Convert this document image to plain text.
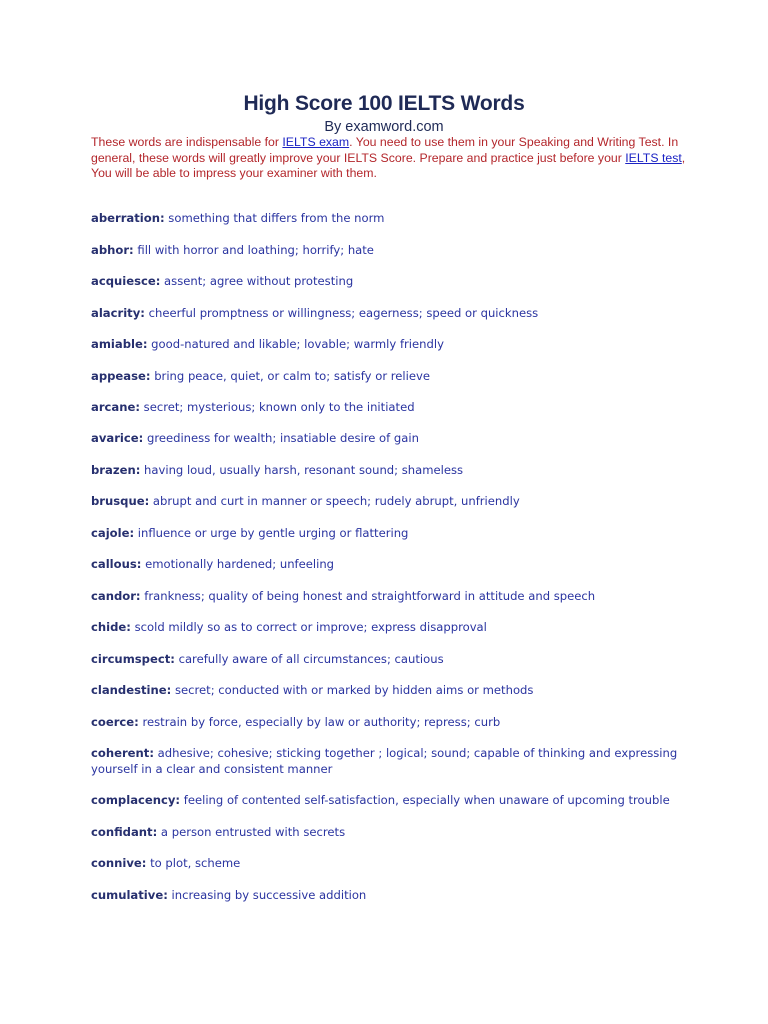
High Score 100 IELTS Words

By examword.com

These words are indispensable for IELTS exam. You need to use them in your Speaking and Writing Test. In general, these words will greatly improve your IELTS Score. Prepare and practice just before your IELTS test, You will be able to impress your examiner with them.

aberration: something that differs from the norm
abhor: fill with horror and loathing; horrify; hate
acquiesce: assent; agree without protesting
alacrity: cheerful promptness or willingness; eagerness; speed or quickness
amiable: good-natured and likable; lovable; warmly friendly
appease: bring peace, quiet, or calm to; satisfy or relieve
arcane: secret; mysterious; known only to the initiated
avarice: greediness for wealth; insatiable desire of gain
brazen: having loud, usually harsh, resonant sound; shameless
brusque: abrupt and curt in manner or speech; rudely abrupt, unfriendly
cajole: influence or urge by gentle urging or flattering
callous: emotionally hardened; unfeeling
candor: frankness; quality of being honest and straightforward in attitude and speech
chide: scold mildly so as to correct or improve; express disapproval
circumspect: carefully aware of all circumstances; cautious
clandestine: secret; conducted with or marked by hidden aims or methods
coerce: restrain by force, especially by law or authority; repress; curb
coherent: adhesive; cohesive; sticking together ; logical; sound; capable of thinking and expressing yourself in a clear and consistent manner
complacency: feeling of contented self-satisfaction, especially when unaware of upcoming trouble
confidant: a person entrusted with secrets
connive: to plot, scheme
cumulative: increasing by successive addition
